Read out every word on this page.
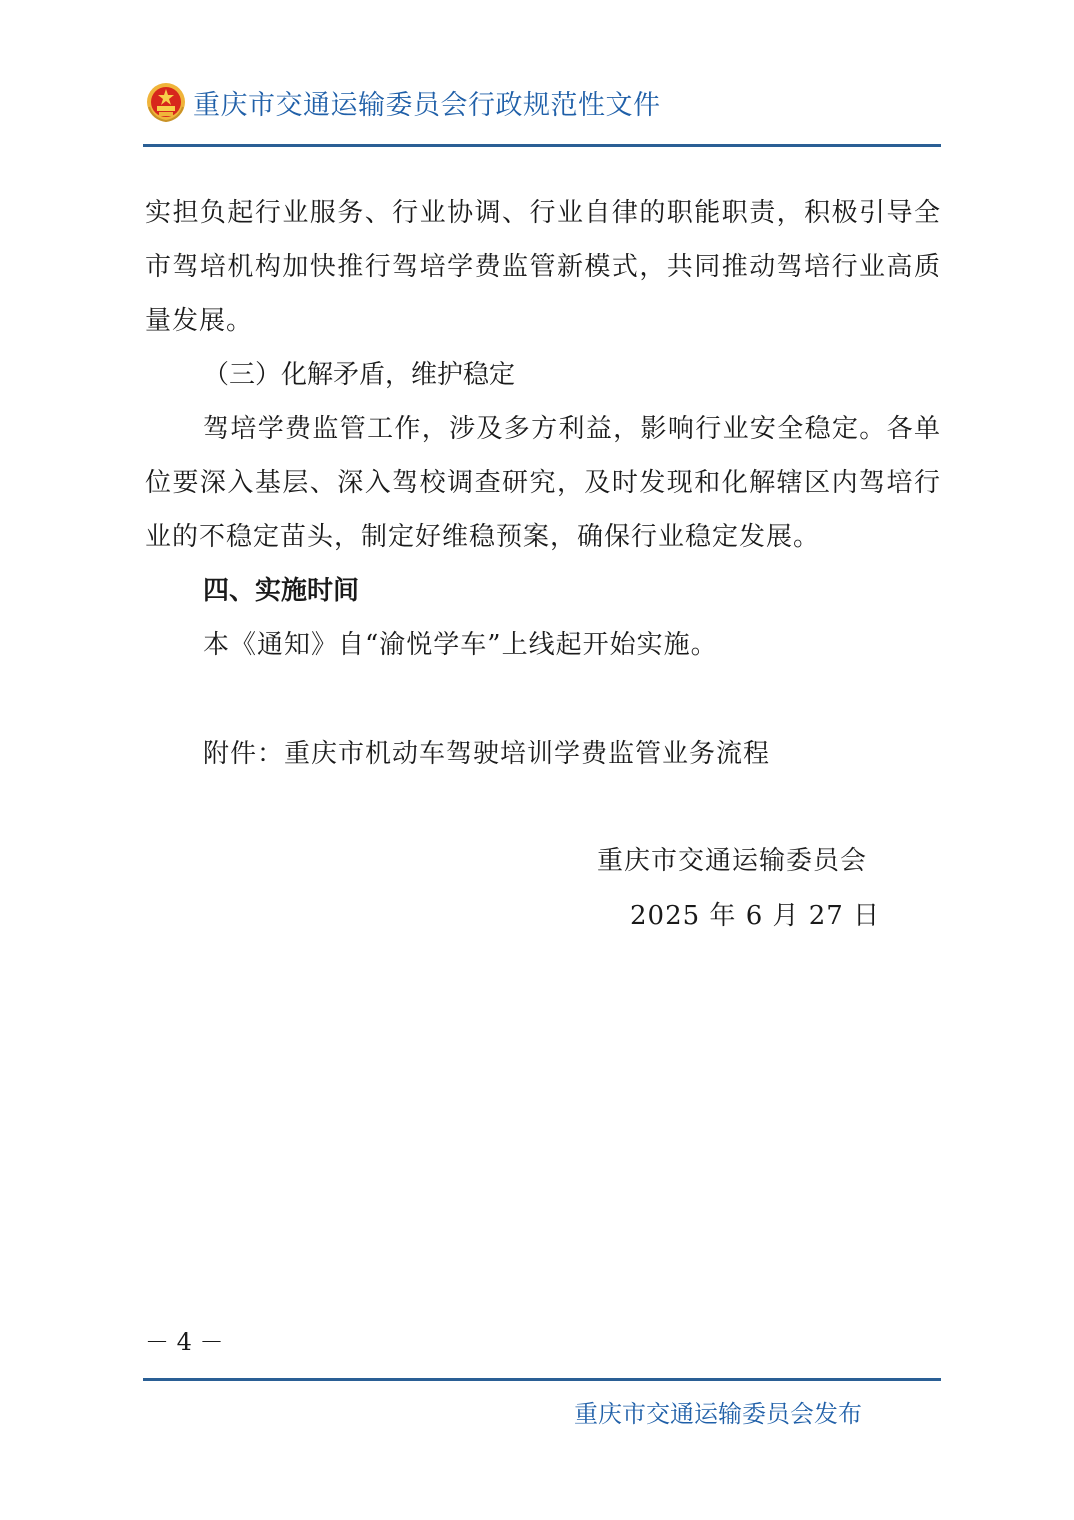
重庆市交通运输委员会行政规范性文件

实担负起行业服务、行业协调、行业自律的职能职责，积极引导全市驾培机构加快推行驾培学费监管新模式，共同推动驾培行业高质量发展。

（三）化解矛盾，维护稳定

驾培学费监管工作，涉及多方利益，影响行业安全稳定。各单位要深入基层、深入驾校调查研究，及时发现和化解辖区内驾培行业的不稳定苗头，制定好维稳预案，确保行业稳定发展。

四、实施时间

本《通知》自“渝悦学车”上线起开始实施。

附件：重庆市机动车驾驶培训学费监管业务流程
重庆市交通运输委员会
2025 年 6 月 27 日
－ 4 －
重庆市交通运输委员会发布
